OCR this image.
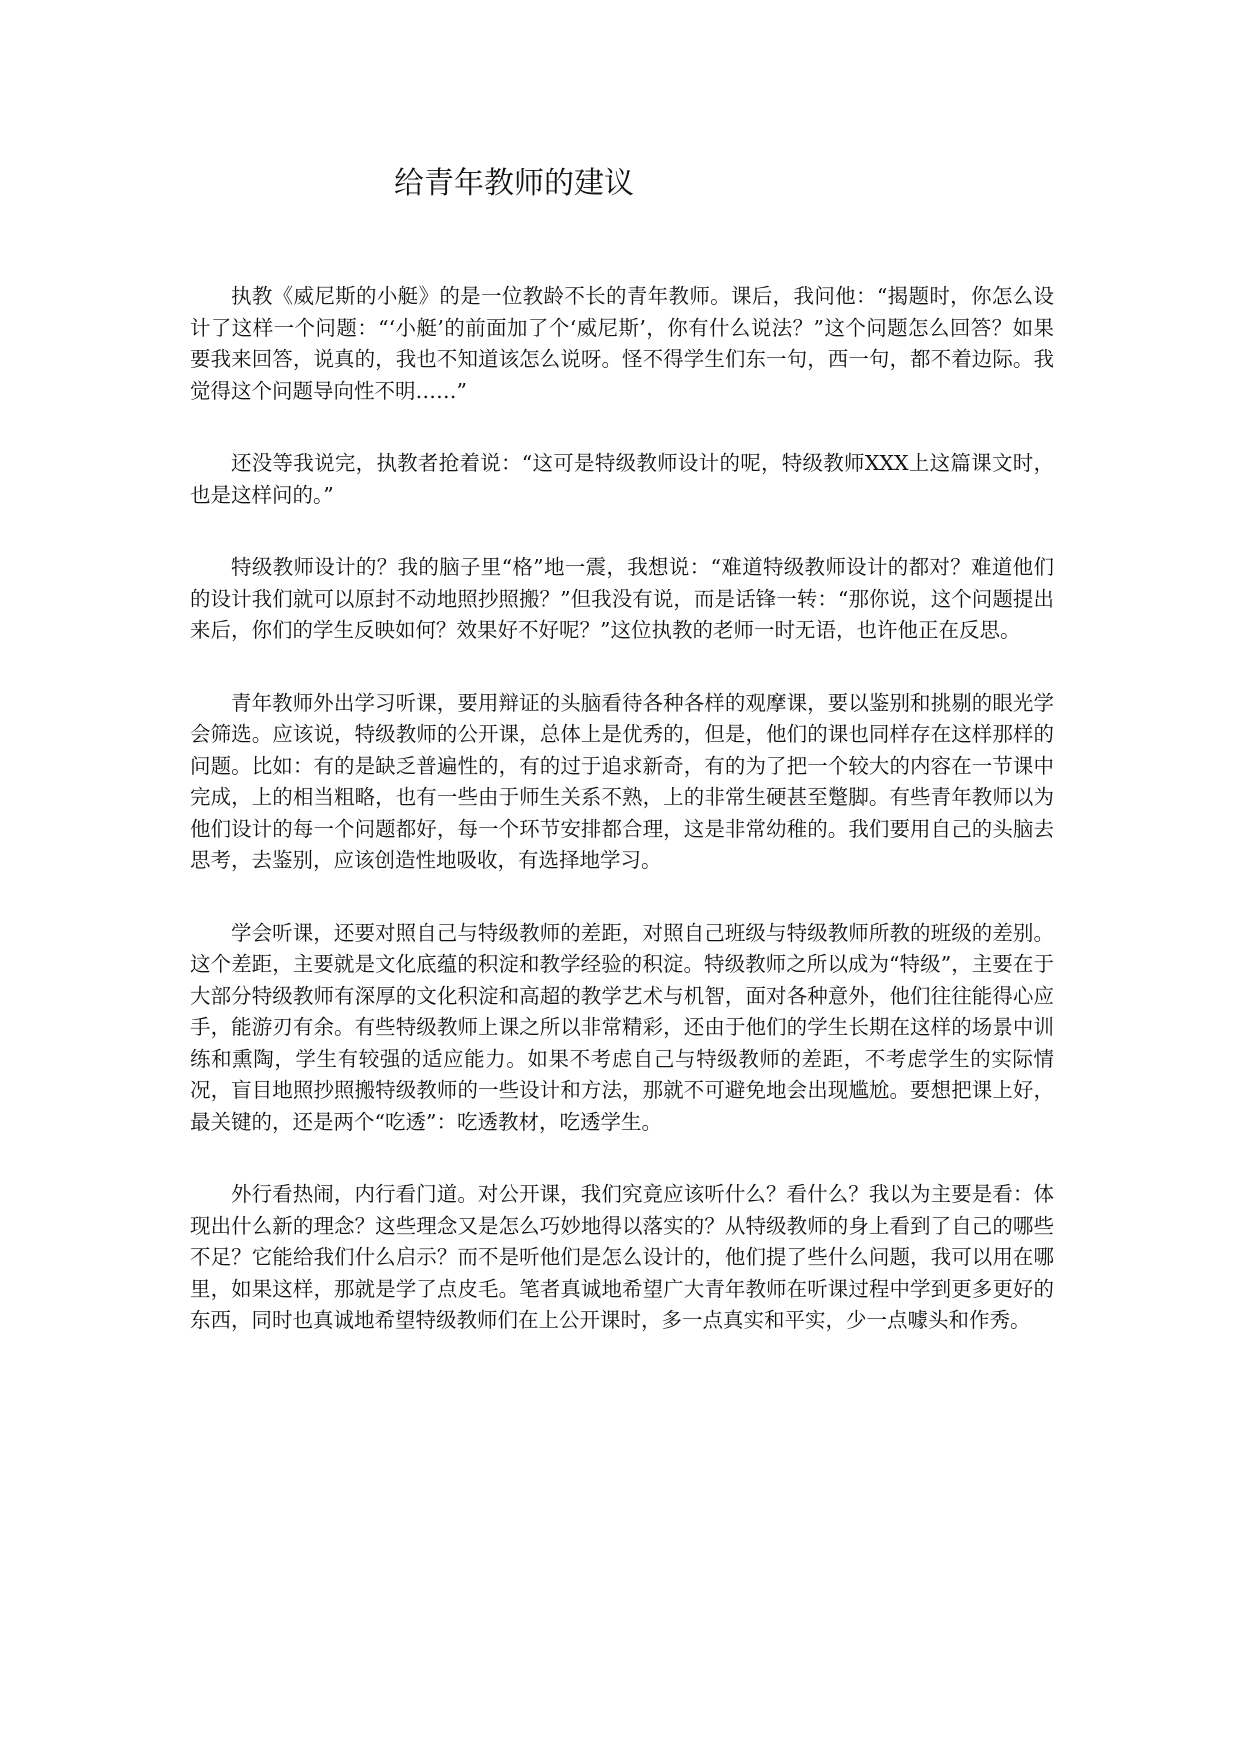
给青年教师的建议

执教《威尼斯的小艇》的是一位教龄不长的青年教师。课后，我问他：“揭题时，你怎么设计了这样一个问题：“‘小艇’的前面加了个‘威尼斯’，你有什么说法？”这个问题怎么回答？如果要我来回答，说真的，我也不知道该怎么说呀。怪不得学生们东一句，西一句，都不着边际。我觉得这个问题导向性不明……”

还没等我说完，执教者抢着说：“这可是特级教师设计的呢，特级教师XXX上这篇课文时，也是这样问的。”

特级教师设计的？我的脑子里“格”地一震，我想说：“难道特级教师设计的都对？难道他们的设计我们就可以原封不动地照抄照搬？”但我没有说，而是话锋一转：“那你说，这个问题提出来后，你们的学生反映如何？效果好不好呢？”这位执教的老师一时无语，也许他正在反思。

青年教师外出学习听课，要用辩证的头脑看待各种各样的观摩课，要以鉴别和挑剔的眼光学会筛选。应该说，特级教师的公开课，总体上是优秀的，但是，他们的课也同样存在这样那样的问题。比如：有的是缺乏普遍性的，有的过于追求新奇，有的为了把一个较大的内容在一节课中完成，上的相当粗略，也有一些由于师生关系不熟，上的非常生硬甚至蹩脚。有些青年教师以为他们设计的每一个问题都好，每一个环节安排都合理，这是非常幼稚的。我们要用自己的头脑去思考，去鉴别，应该创造性地吸收，有选择地学习。

学会听课，还要对照自己与特级教师的差距，对照自己班级与特级教师所教的班级的差别。这个差距，主要就是文化底蕴的积淀和教学经验的积淀。特级教师之所以成为“特级”，主要在于大部分特级教师有深厚的文化积淀和高超的教学艺术与机智，面对各种意外，他们往往能得心应手，能游刃有余。有些特级教师上课之所以非常精彩，还由于他们的学生长期在这样的场景中训练和熏陶，学生有较强的适应能力。如果不考虑自己与特级教师的差距，不考虑学生的实际情况，盲目地照抄照搬特级教师的一些设计和方法，那就不可避免地会出现尴尬。要想把课上好，最关键的，还是两个“吃透”：吃透教材，吃透学生。

外行看热闹，内行看门道。对公开课，我们究竟应该听什么？看什么？我以为主要是看：体现出什么新的理念？这些理念又是怎么巧妙地得以落实的？从特级教师的身上看到了自己的哪些不足？它能给我们什么启示？而不是听他们是怎么设计的，他们提了些什么问题，我可以用在哪里，如果这样，那就是学了点皮毛。笔者真诚地希望广大青年教师在听课过程中学到更多更好的东西，同时也真诚地希望特级教师们在上公开课时，多一点真实和平实，少一点噱头和作秀。
